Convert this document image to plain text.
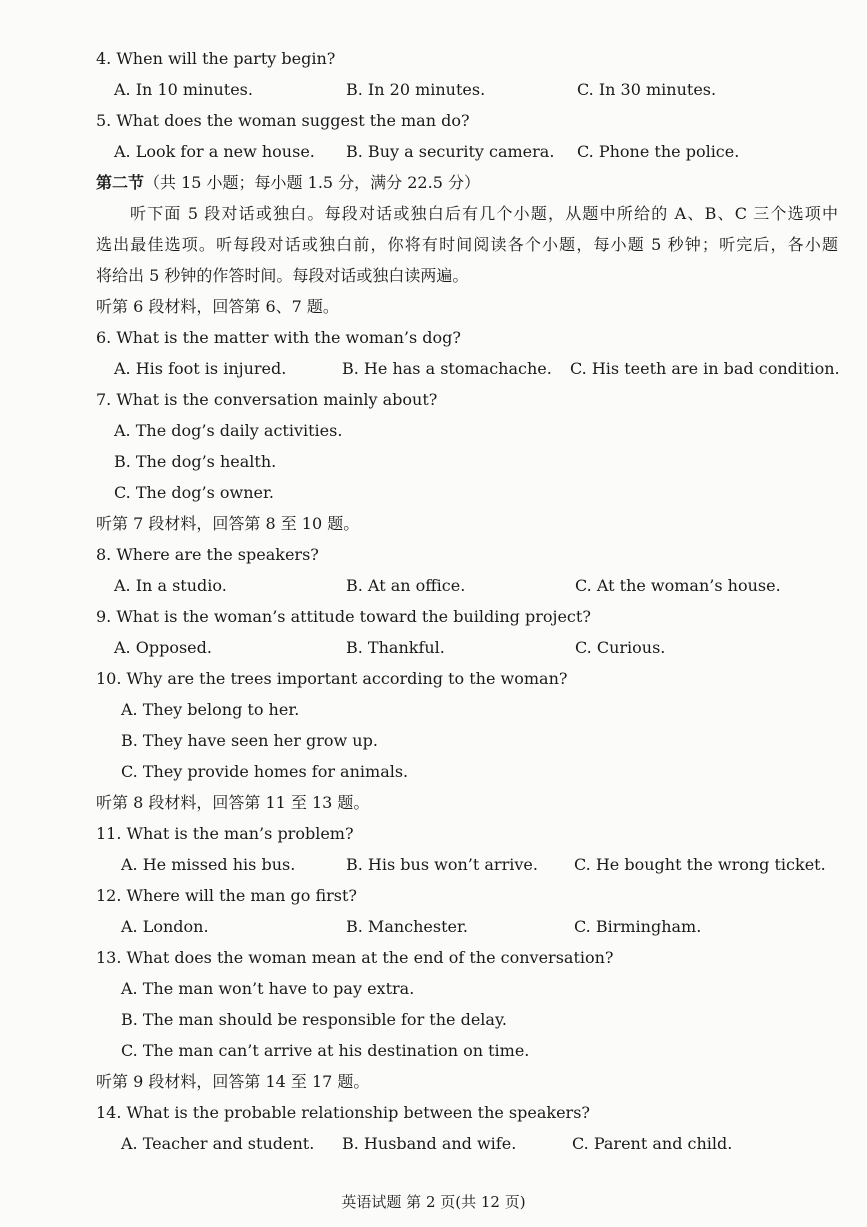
4. When will the party begin?
A. In 10 minutes.	B. In 20 minutes.	C. In 30 minutes.
5. What does the woman suggest the man do?
A. Look for a new house. B. Buy a security camera. C. Phone the police.
第二节（共 15 小题；每小题 1.5 分，满分 22.5 分）
听下面 5 段对话或独白。每段对话或独白后有几个小题，从题中所给的 A、B、C 三个选项中
选出最佳选项。听每段对话或独白前，你将有时间阅读各个小题，每小题 5 秒钟；听完后，各小题
将给出 5 秒钟的作答时间。每段对话或独白读两遍。
听第 6 段材料，回答第 6、7 题。
6. What is the matter with the woman’s dog?
A. His foot is injured.	B. He has a stomachache. C. His teeth are in bad condition.
7. What is the conversation mainly about?
A. The dog’s daily activities.
B. The dog’s health.
C. The dog’s owner.
听第 7 段材料，回答第 8 至 10 题。
8. Where are the speakers?
A. In a studio.	B. At an office.	C. At the woman’s house.
9. What is the woman’s attitude toward the building project?
A. Opposed.	B. Thankful.	C. Curious.
10. Why are the trees important according to the woman?
A. They belong to her.
B. They have seen her grow up.
C. They provide homes for animals.
听第 8 段材料，回答第 11 至 13 题。
11. What is the man’s problem?
A. He missed his bus.	B. His bus won’t arrive. C. He bought the wrong ticket.
12. Where will the man go first?
A. London.	B. Manchester.	C. Birmingham.
13. What does the woman mean at the end of the conversation?
A. The man won’t have to pay extra.
B. The man should be responsible for the delay.
C. The man can’t arrive at his destination on time.
听第 9 段材料，回答第 14 至 17 题。
14. What is the probable relationship between the speakers?
A. Teacher and student. B. Husband and wife.	C. Parent and child.
英语试题 第 2 页(共 12 页)
